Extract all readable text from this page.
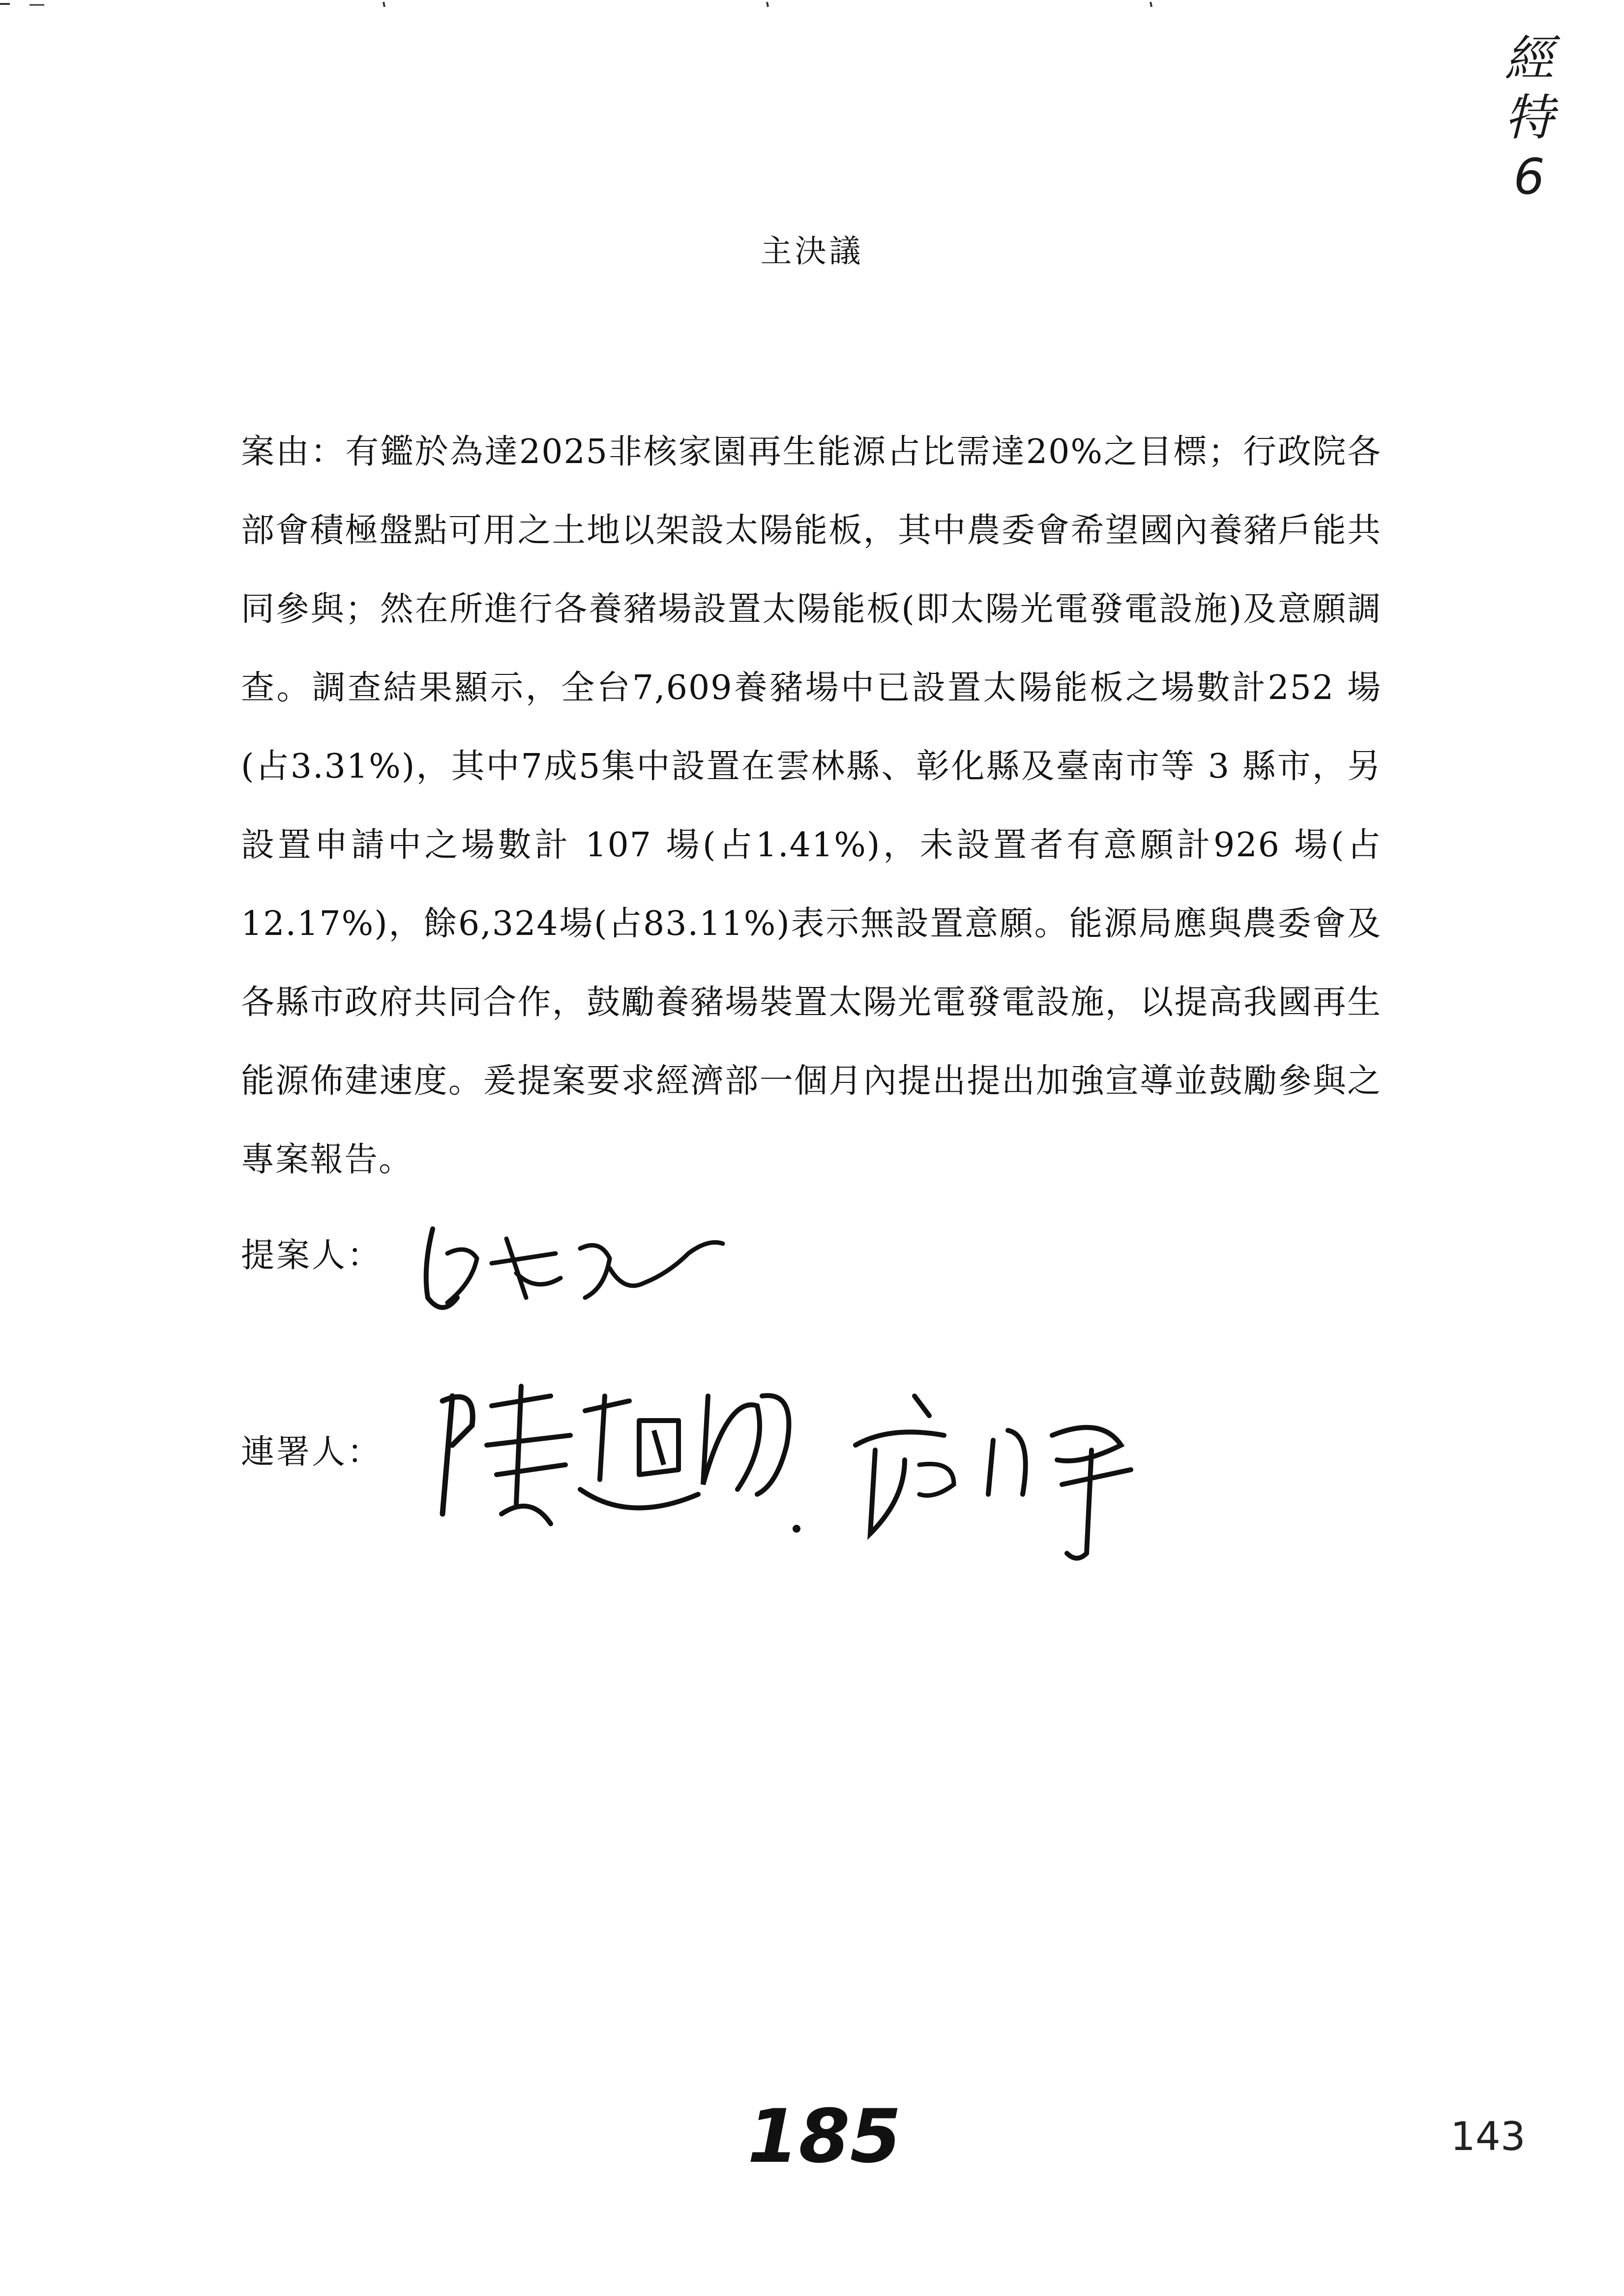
經
特
6
主決議
案由：有鑑於為達2025非核家園再生能源占比需達20%之目標；行政院各部會積極盤點可用之土地以架設太陽能板，其中農委會希望國內養豬戶能共同參與；然在所進行各養豬場設置太陽能板(即太陽光電發電設施)及意願調查。調查結果顯示，全台7,609養豬場中已設置太陽能板之場數計252 場(占3.31%)，其中7成5集中設置在雲林縣、彰化縣及臺南市等 3 縣市，另設置申請中之場數計 107 場(占1.41%)，未設置者有意願計926 場(占12.17%)，餘6,324場(占83.11%)表示無設置意願。能源局應與農委會及各縣市政府共同合作，鼓勵養豬場裝置太陽光電發電設施，以提高我國再生能源佈建速度。爰提案要求經濟部一個月內提出提出加強宣導並鼓勵參與之專案報告。
提案人：
連署人：
185	143
